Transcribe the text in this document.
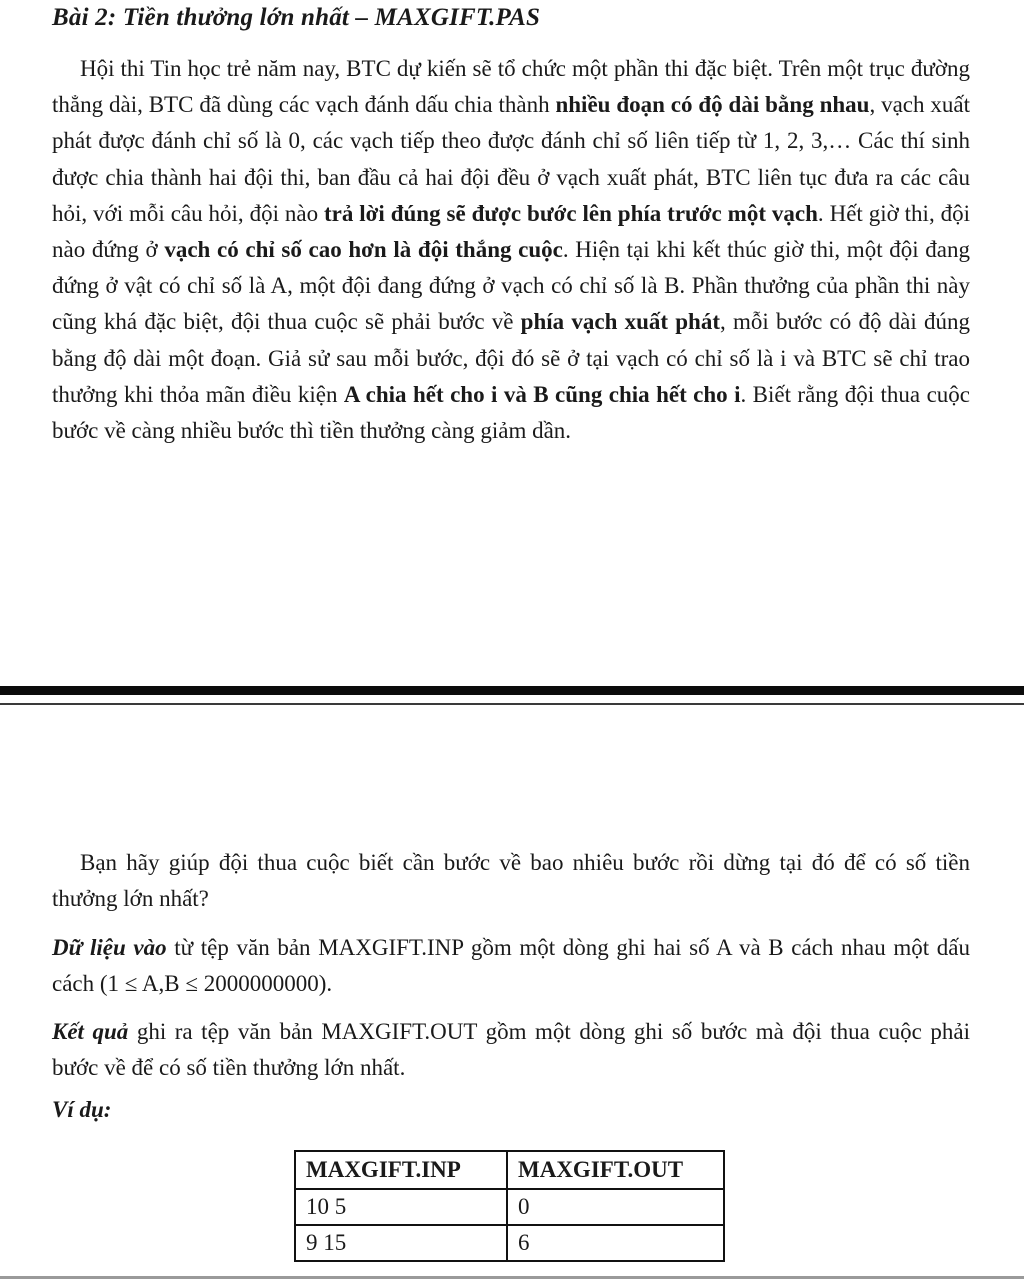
Bài 2: Tiền thưởng lớn nhất – MAXGIFT.PAS
Hội thi Tin học trẻ năm nay, BTC dự kiến sẽ tổ chức một phần thi đặc biệt. Trên một trục đường thẳng dài, BTC đã dùng các vạch đánh dấu chia thành nhiều đoạn có độ dài bằng nhau, vạch xuất phát được đánh chỉ số là 0, các vạch tiếp theo được đánh chỉ số liên tiếp từ 1, 2, 3,… Các thí sinh được chia thành hai đội thi, ban đầu cả hai đội đều ở vạch xuất phát, BTC liên tục đưa ra các câu hỏi, với mỗi câu hỏi, đội nào trả lời đúng sẽ được bước lên phía trước một vạch. Hết giờ thi, đội nào đứng ở vạch có chỉ số cao hơn là đội thắng cuộc. Hiện tại khi kết thúc giờ thi, một đội đang đứng ở vật có chỉ số là A, một đội đang đứng ở vạch có chỉ số là B. Phần thưởng của phần thi này cũng khá đặc biệt, đội thua cuộc sẽ phải bước về phía vạch xuất phát, mỗi bước có độ dài đúng bằng độ dài một đoạn. Giả sử sau mỗi bước, đội đó sẽ ở tại vạch có chỉ số là i và BTC sẽ chỉ trao thưởng khi thỏa mãn điều kiện A chia hết cho i và B cũng chia hết cho i. Biết rằng đội thua cuộc bước về càng nhiều bước thì tiền thưởng càng giảm dần.
Bạn hãy giúp đội thua cuộc biết cần bước về bao nhiêu bước rồi dừng tại đó để có số tiền thưởng lớn nhất?
Dữ liệu vào từ tệp văn bản MAXGIFT.INP gồm một dòng ghi hai số A và B cách nhau một dấu cách (1 ≤ A,B ≤ 2000000000).
Kết quả ghi ra tệp văn bản MAXGIFT.OUT gồm một dòng ghi số bước mà đội thua cuộc phải bước về để có số tiền thưởng lớn nhất.
Ví dụ:
MAXGIFT.INP	MAXGIFT.OUT
10 5	0
9 15	6
